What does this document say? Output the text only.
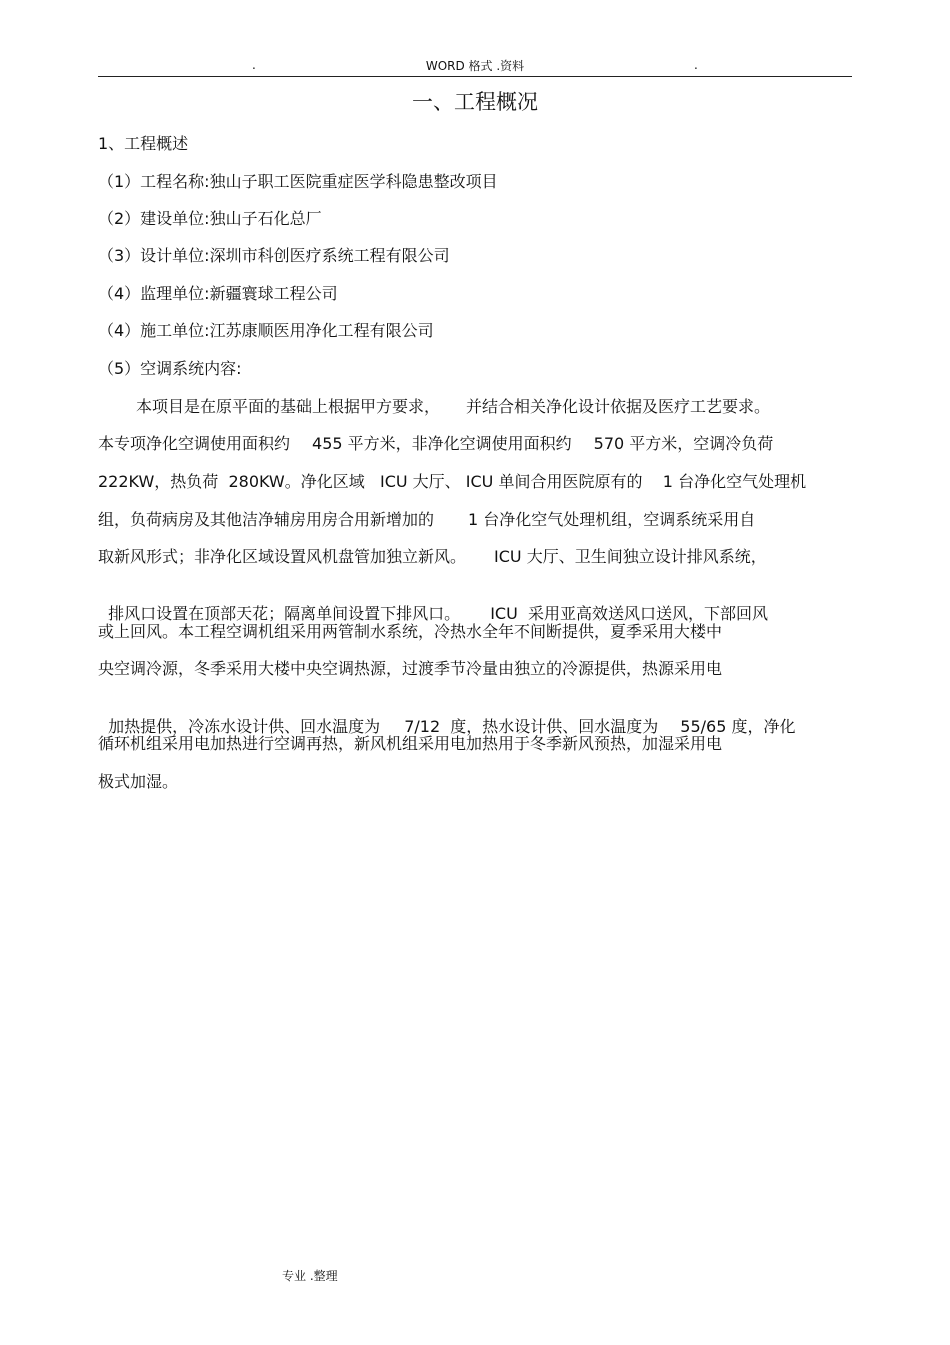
.	WORD 格式 .资料	.
一、工程概况
1、工程概述
（1）工程名称:独山子职工医院重症医学科隐患整改项目
（2）建设单位:独山子石化总厂
（3）设计单位:深圳市科创医疗系统工程有限公司
（4）监理单位:新疆寰球工程公司
（4）施工单位:江苏康顺医用净化工程有限公司
（5）空调系统内容:
本项目是在原平面的基础上根据甲方要求， 并结合相关净化设计依据及医疗工艺要求。
本专项净化空调使用面积约 455 平方米，非净化空调使用面积约 570 平方米，空调冷负荷
222KW，热负荷  280KW。净化区域   ICU 大厅、 ICU 单间合用医院原有的    1 台净化空气处理机
组，负荷病房及其他洁净辅房用房合用新增加的 1 台净化空气处理机组，空调系统采用自
取新风形式；非净化区域设置风机盘管加独立新风。 ICU 大厅、卫生间独立设计排风系统，

排风口设置在顶部天花；隔离单间设置下排风口。 ICU  采用亚高效送风口送风，下部回风

或上回风。本工程空调机组采用两管制水系统，冷热水全年不间断提供，夏季采用大楼中
央空调冷源，冬季采用大楼中央空调热源，过渡季节冷量由独立的冷源提供，热源采用电

加热提供，冷冻水设计供、回水温度为 7/12  度，热水设计供、回水温度为 55/65 度，净化

循环机组采用电加热进行空调再热，新风机组采用电加热用于冬季新风预热，加湿采用电
极式加湿。
专业 .整理
